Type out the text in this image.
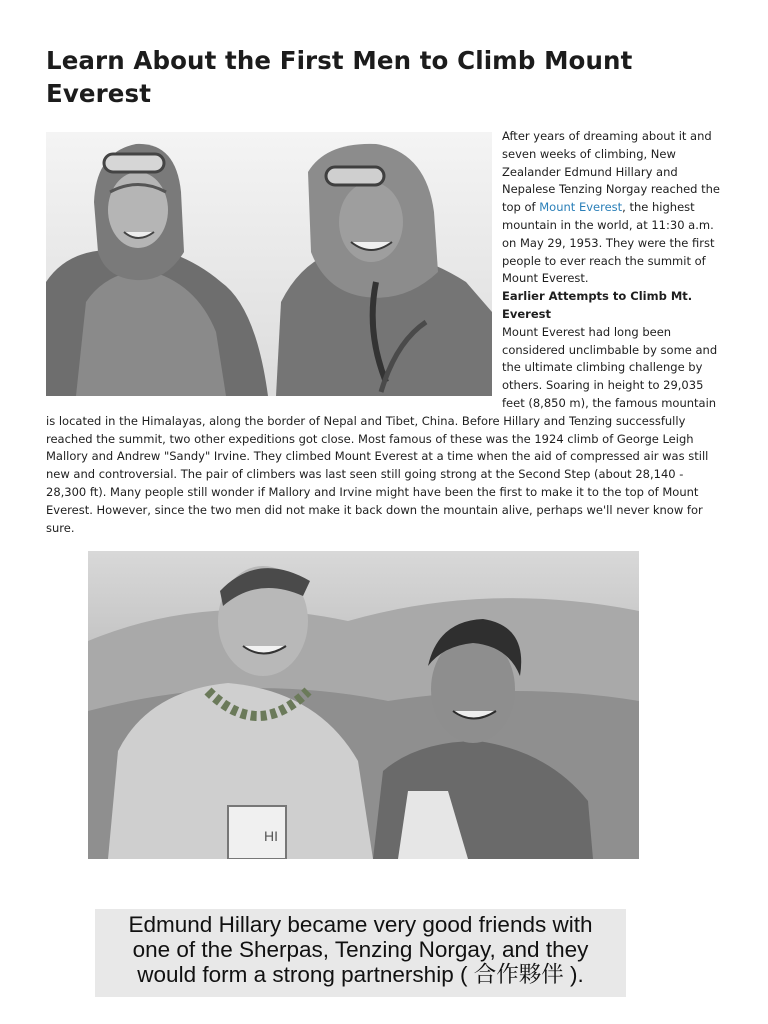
Learn About the First Men to Climb Mount Everest

After years of dreaming about it and seven weeks of climbing, New Zealander Edmund Hillary and Nepalese Tenzing Norgay reached the top of Mount Everest, the highest mountain in the world, at 11:30 a.m. on May 29, 1953. They were the first people to ever reach the summit of Mount Everest.

Earlier Attempts to Climb Mt. Everest

Mount Everest had long been considered unclimbable by some and the ultimate climbing challenge by others. Soaring in height to 29,035 feet (8,850 m), the famous mountain is located in the Himalayas, along the border of Nepal and Tibet, China. Before Hillary and Tenzing successfully reached the summit, two other expeditions got close. Most famous of these was the 1924 climb of George Leigh Mallory and Andrew "Sandy" Irvine. They climbed Mount Everest at a time when the aid of compressed air was still new and controversial. The pair of climbers was last seen still going strong at the Second Step (about 28,140 - 28,300 ft). Many people still wonder if Mallory and Irvine might have been the first to make it to the top of Mount Everest. However, since the two men did not make it back down the mountain alive, perhaps we'll never know for sure.

HI
Edmund Hillary became very good friends with
one of the Sherpas, Tenzing Norgay, and they
would form a strong partnership ( 合作夥伴 ).
